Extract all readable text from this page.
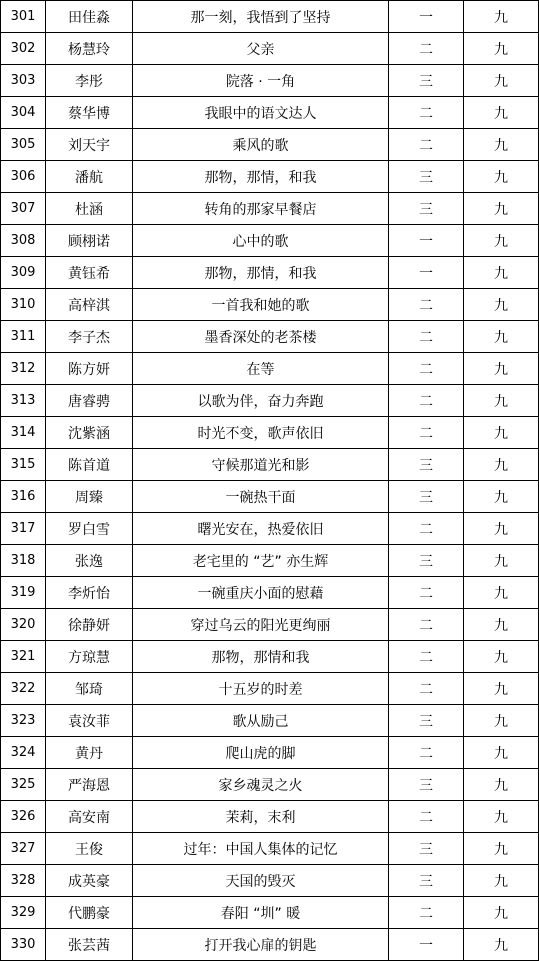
301	田佳淼	那一刻，我悟到了坚持	一	九
302	杨慧玲	父亲	二	九
303	李彤	院落 · 一角	三	九
304	蔡华博	我眼中的语文达人	二	九
305	刘天宇	乘风的歌	二	九
306	潘航	那物，那情，和我	三	九
307	杜涵	转角的那家早餐店	三	九
308	顾栩诺	心中的歌	一	九
309	黄钰希	那物，那情，和我	一	九
310	高梓淇	一首我和她的歌	二	九
311	李子杰	墨香深处的老茶楼	二	九
312	陈方妍	在等	二	九
313	唐睿骋	以歌为伴，奋力奔跑	二	九
314	沈紫涵	时光不变，歌声依旧	二	九
315	陈首道	守候那道光和影	三	九
316	周臻	一碗热干面	三	九
317	罗白雪	曙光安在，热爱依旧	二	九
318	张逸	老宅里的 “艺” 亦生辉	三	九
319	李炘怡	一碗重庆小面的慰藉	二	九
320	徐静妍	穿过乌云的阳光更绚丽	二	九
321	方琼慧	那物，那情和我	二	九
322	邹琦	十五岁的时差	二	九
323	袁汝菲	歌从励己	三	九
324	黄丹	爬山虎的脚	二	九
325	严海恩	家乡魂灵之火	三	九
326	高安南	茉莉，末利	二	九
327	王俊	过年：中国人集体的记忆	三	九
328	成英豪	天国的毁灭	三	九
329	代鹏豪	春阳 “圳” 暖	二	九
330	张芸茜	打开我心扉的钥匙	一	九
